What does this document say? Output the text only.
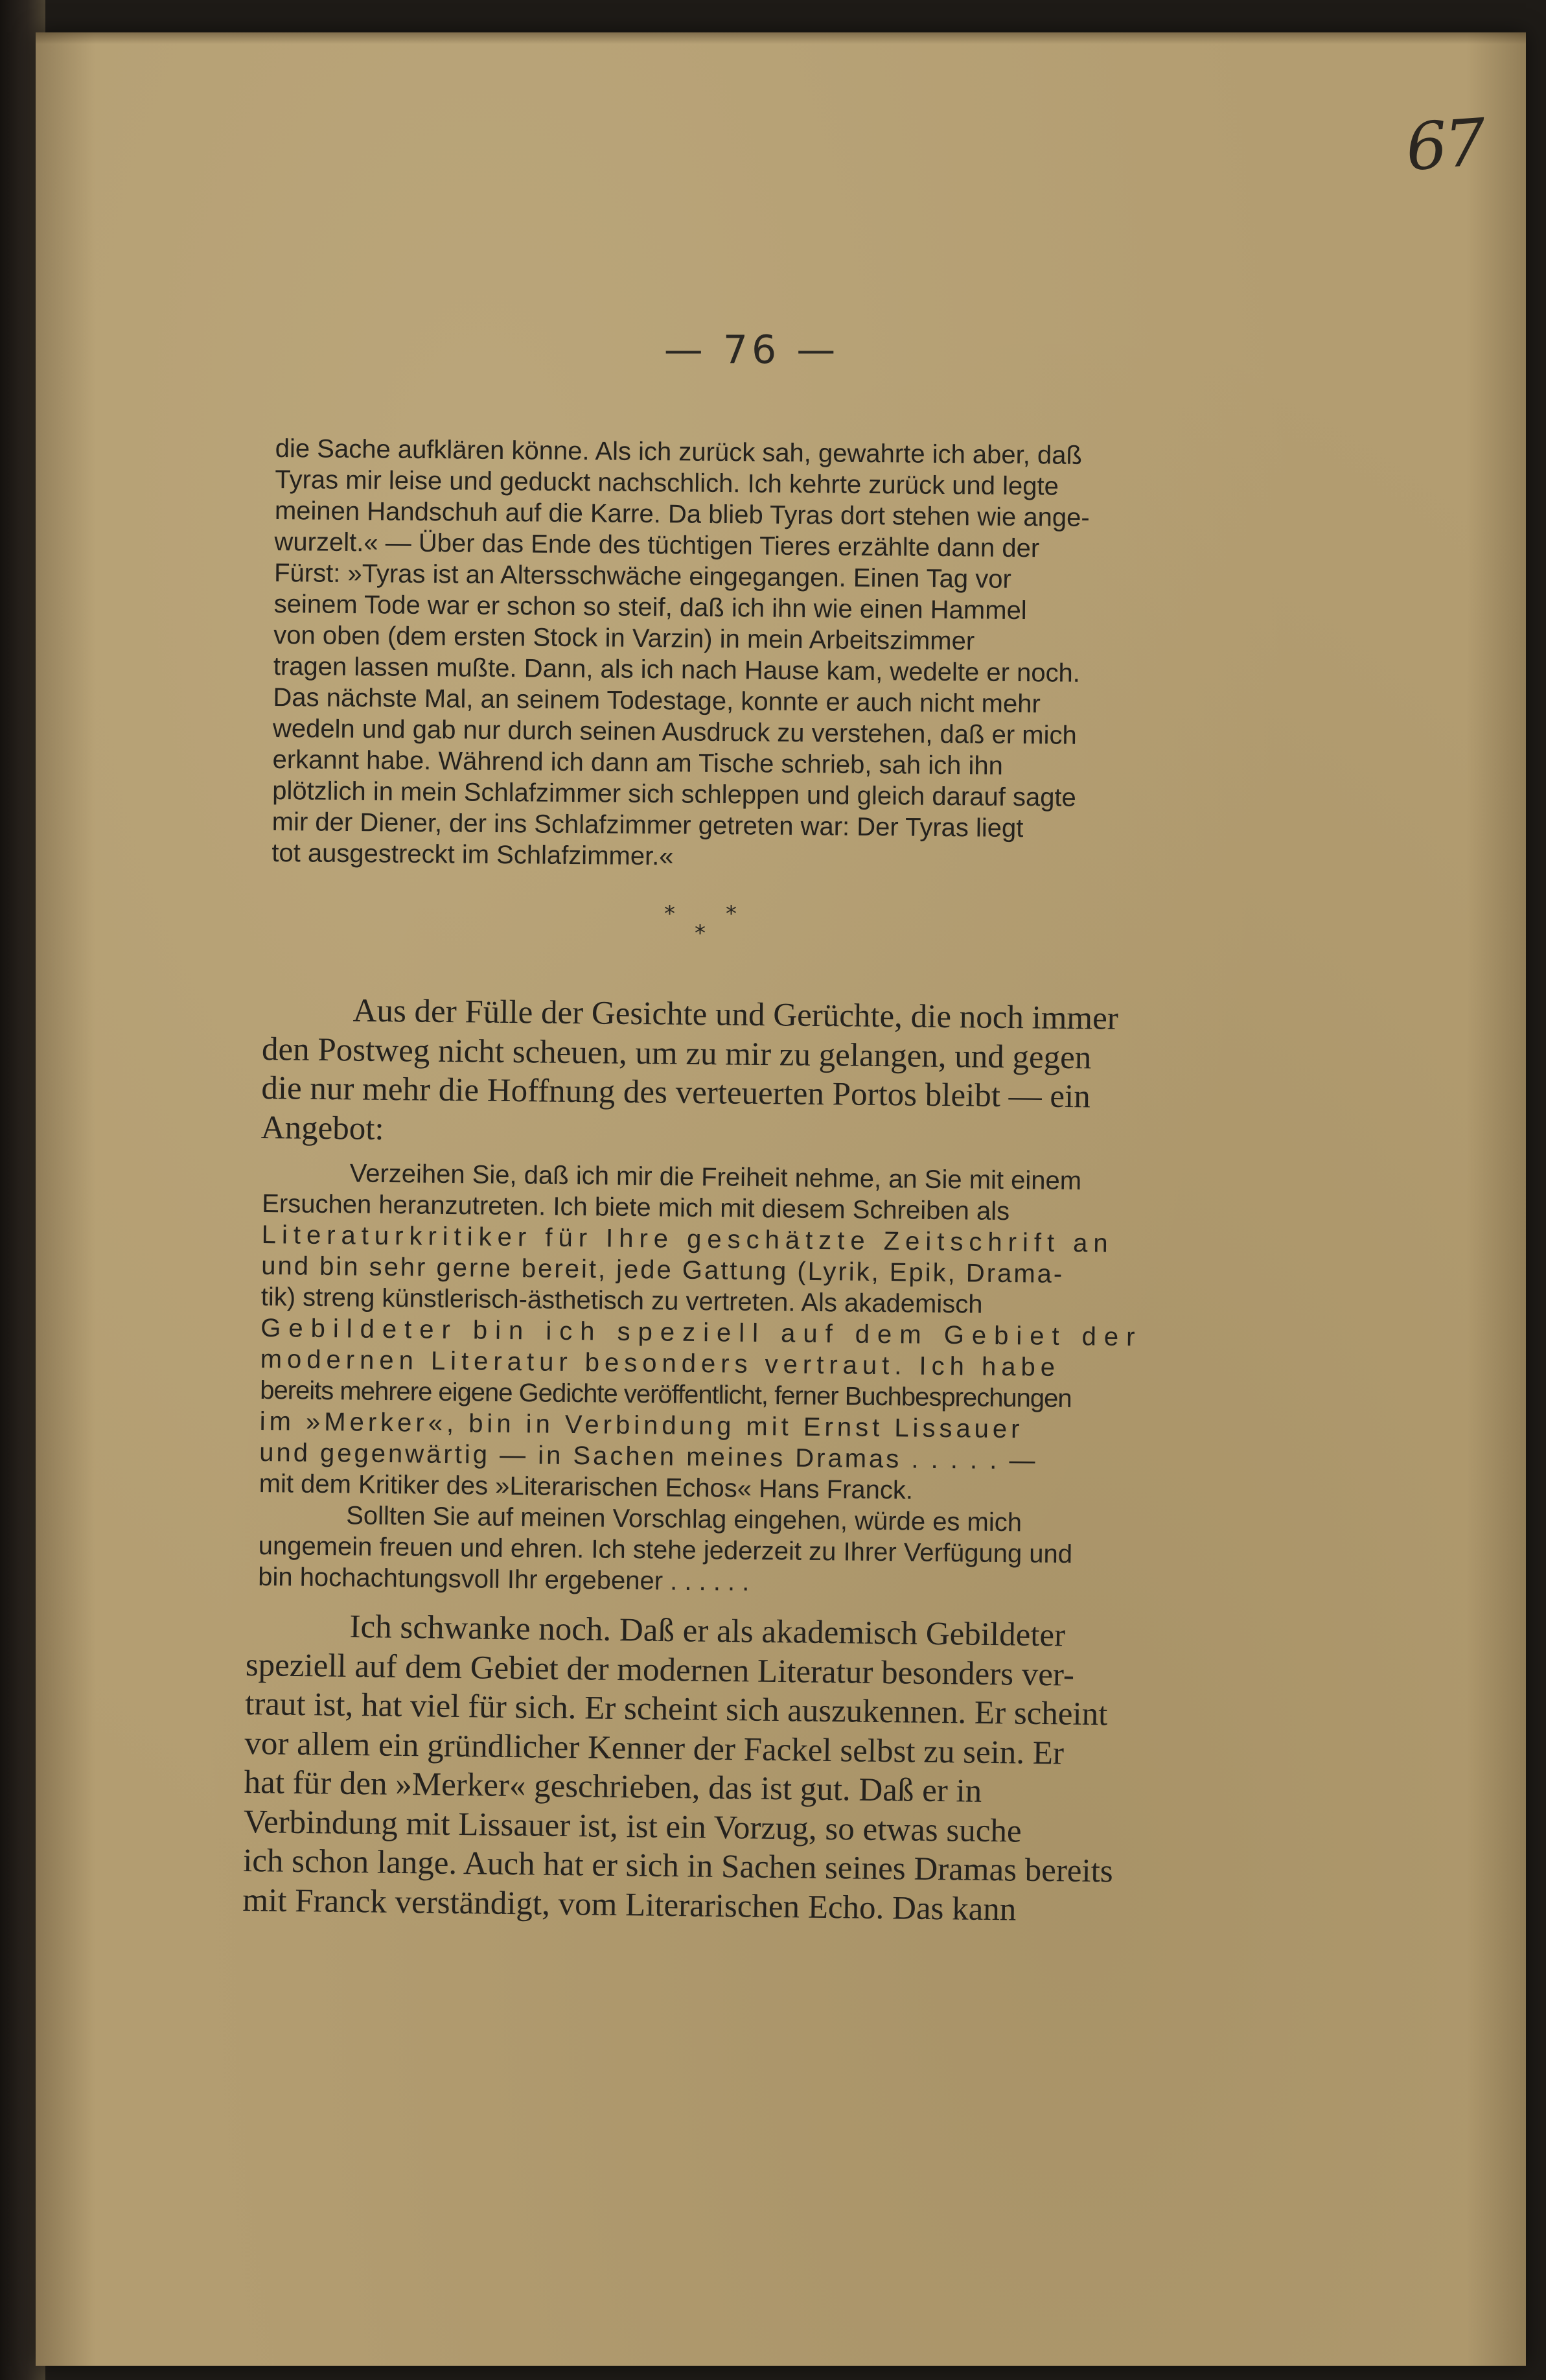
67
— 76 —
die Sache aufklären könne. Als ich zurück sah, gewahrte ich aber, daß
Tyras mir leise und geduckt nachschlich. Ich kehrte zurück und legte
meinen Handschuh auf die Karre. Da blieb Tyras dort stehen wie ange-
wurzelt.« — Über das Ende des tüchtigen Tieres erzählte dann der
Fürst: »Tyras ist an Altersschwäche eingegangen. Einen Tag vor
seinem Tode war er schon so steif, daß ich ihn wie einen Hammel
von oben (dem ersten Stock in Varzin) in mein Arbeitszimmer
tragen lassen mußte. Dann, als ich nach Hause kam, wedelte er noch.
Das nächste Mal, an seinem Todestage, konnte er auch nicht mehr
wedeln und gab nur durch seinen Ausdruck zu verstehen, daß er mich
erkannt habe. Während ich dann am Tische schrieb, sah ich ihn
plötzlich in mein Schlafzimmer sich schleppen und gleich darauf sagte
mir der Diener, der ins Schlafzimmer getreten war: Der Tyras liegt
tot ausgestreckt im Schlafzimmer.«
* *
*
Aus der Fülle der Gesichte und Gerüchte, die noch immer
den Postweg nicht scheuen, um zu mir zu gelangen, und gegen
die nur mehr die Hoffnung des verteuerten Portos bleibt — ein
Angebot:
Verzeihen Sie, daß ich mir die Freiheit nehme, an Sie mit einem
Ersuchen heranzutreten. Ich biete mich mit diesem Schreiben als
Literaturkritiker für Ihre geschätzte Zeitschrift an
und bin sehr gerne bereit, jede Gattung (Lyrik, Epik, Drama-
tik) streng künstlerisch-ästhetisch zu vertreten. Als akademisch
Gebildeter bin ich speziell auf dem Gebiet der
modernen Literatur besonders vertraut. Ich habe
bereits mehrere eigene Gedichte veröffentlicht, ferner Buchbesprechungen
im »Merker«, bin in Verbindung mit Ernst Lissauer
und gegenwärtig — in Sachen meines Dramas . . . . . —
mit dem Kritiker des »Literarischen Echos« Hans Franck.
Sollten Sie auf meinen Vorschlag eingehen, würde es mich
ungemein freuen und ehren. Ich stehe jederzeit zu Ihrer Verfügung und
bin hochachtungsvoll Ihr ergebener . . . . . .
Ich schwanke noch. Daß er als akademisch Gebildeter
speziell auf dem Gebiet der modernen Literatur besonders ver-
traut ist, hat viel für sich. Er scheint sich auszukennen. Er scheint
vor allem ein gründlicher Kenner der Fackel selbst zu sein. Er
hat für den »Merker« geschrieben, das ist gut. Daß er in
Verbindung mit Lissauer ist, ist ein Vorzug, so etwas suche
ich schon lange. Auch hat er sich in Sachen seines Dramas bereits
mit Franck verständigt, vom Literarischen Echo. Das kann
